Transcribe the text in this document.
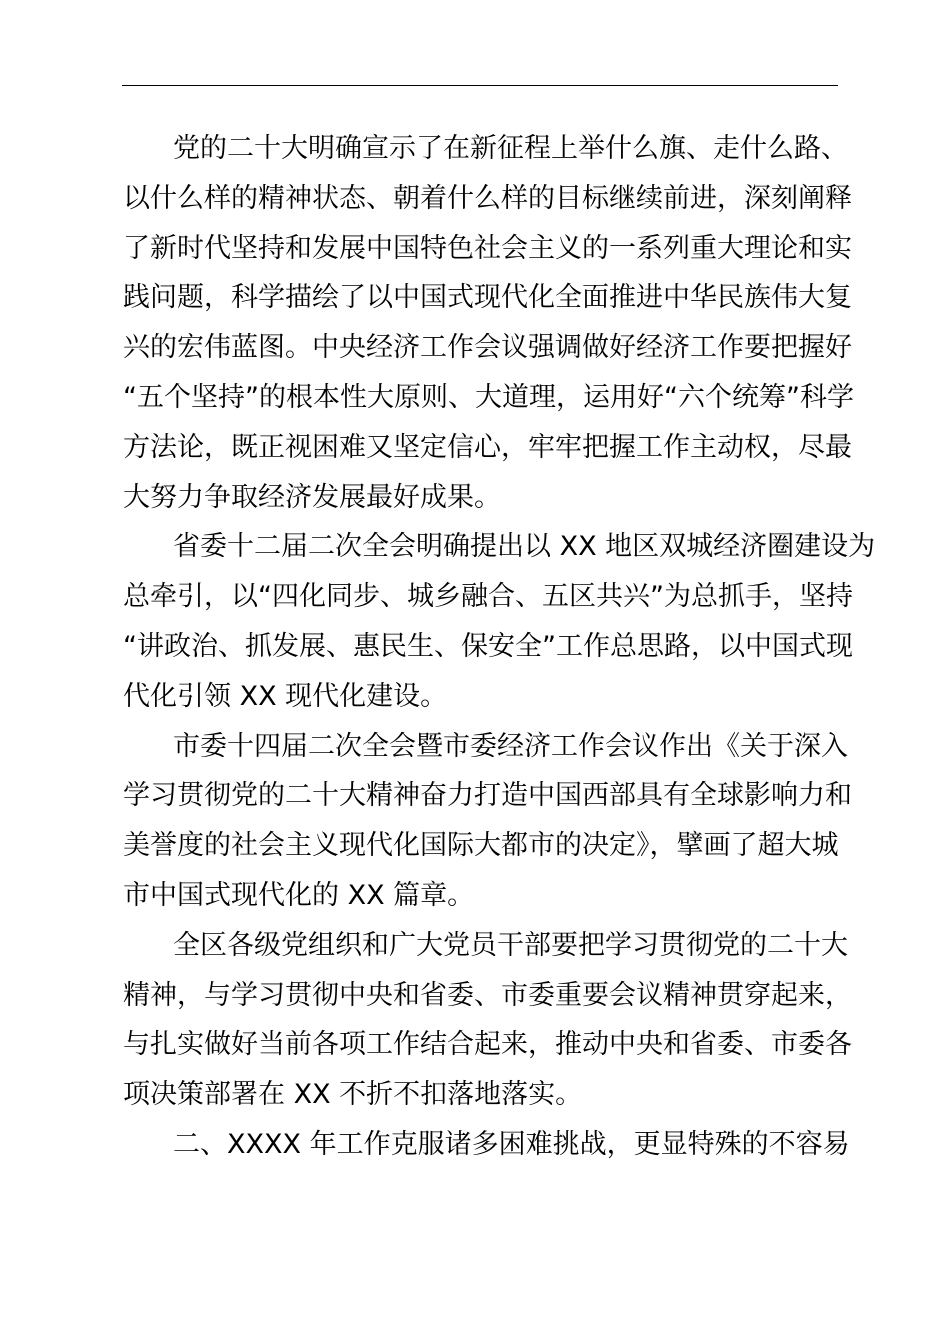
党的二十大明确宣示了在新征程上举什么旗、走什么路、
以什么样的精神状态、朝着什么样的目标继续前进，深刻阐释
了新时代坚持和发展中国特色社会主义的一系列重大理论和实
践问题，科学描绘了以中国式现代化全面推进中华民族伟大复
兴的宏伟蓝图。中央经济工作会议强调做好经济工作要把握好
“五个坚持”的根本性大原则、大道理，运用好“六个统筹”科学
方法论，既正视困难又坚定信心，牢牢把握工作主动权，尽最
大努力争取经济发展最好成果。
省委十二届二次全会明确提出以 XX 地区双城经济圈建设为
总牵引，以“四化同步、城乡融合、五区共兴”为总抓手，坚持
“讲政治、抓发展、惠民生、保安全”工作总思路，以中国式现
代化引领 XX 现代化建设。
市委十四届二次全会暨市委经济工作会议作出《关于深入
学习贯彻党的二十大精神奋力打造中国西部具有全球影响力和
美誉度的社会主义现代化国际大都市的决定》，擘画了超大城
市中国式现代化的 XX 篇章。
全区各级党组织和广大党员干部要把学习贯彻党的二十大
精神，与学习贯彻中央和省委、市委重要会议精神贯穿起来，
与扎实做好当前各项工作结合起来，推动中央和省委、市委各
项决策部署在 XX 不折不扣落地落实。
二、XXXX 年工作克服诸多困难挑战，更显特殊的不容易
